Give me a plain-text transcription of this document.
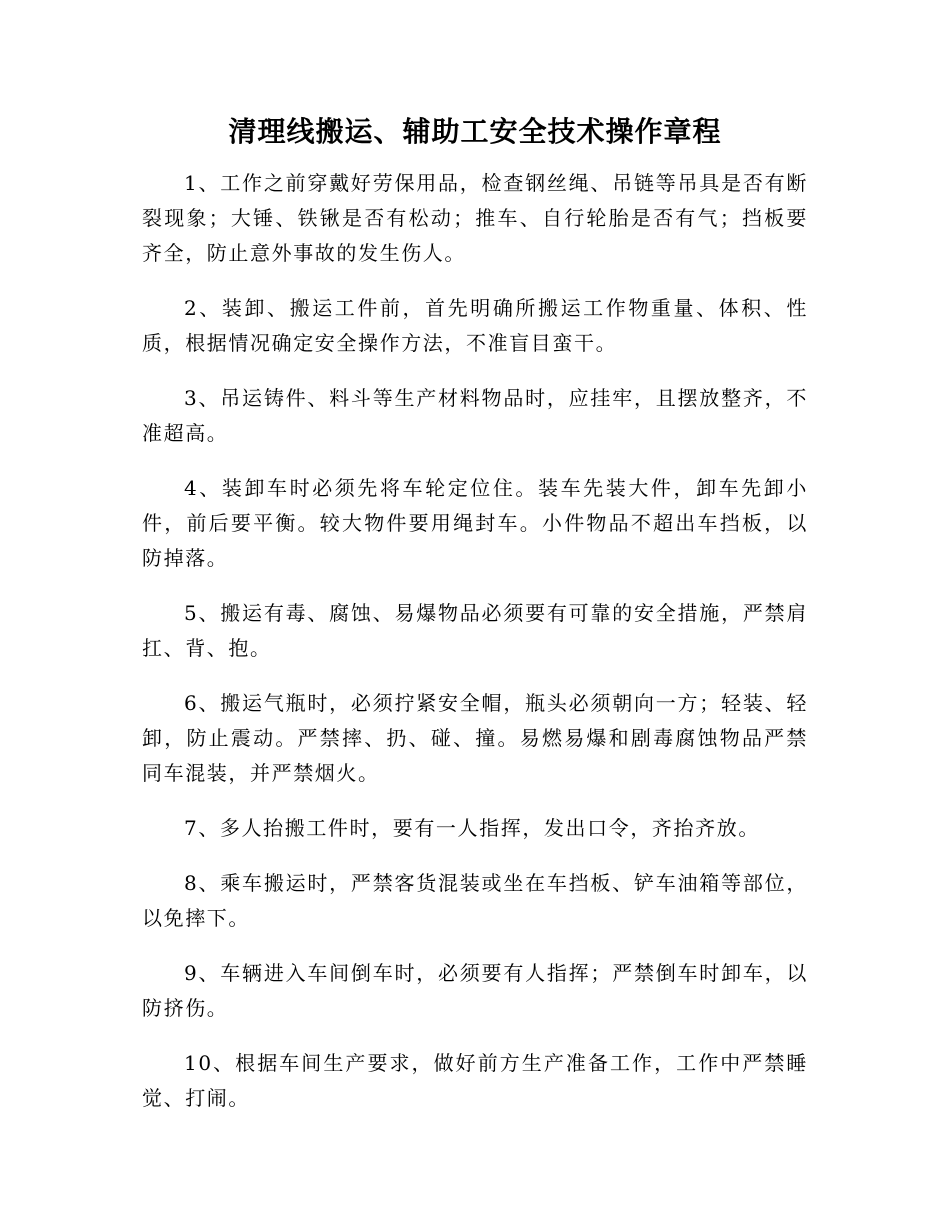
清理线搬运、辅助工安全技术操作章程
1、工作之前穿戴好劳保用品，检查钢丝绳、吊链等吊具是否有断裂现象；大锤、铁锹是否有松动；推车、自行轮胎是否有气；挡板要齐全，防止意外事故的发生伤人。
2、装卸、搬运工件前，首先明确所搬运工作物重量、体积、性质，根据情况确定安全操作方法，不准盲目蛮干。
3、吊运铸件、料斗等生产材料物品时，应挂牢，且摆放整齐，不准超高。
4、装卸车时必须先将车轮定位住。装车先装大件，卸车先卸小件，前后要平衡。较大物件要用绳封车。小件物品不超出车挡板，以防掉落。
5、搬运有毒、腐蚀、易爆物品必须要有可靠的安全措施，严禁肩扛、背、抱。
6、搬运气瓶时，必须拧紧安全帽，瓶头必须朝向一方；轻装、轻卸，防止震动。严禁摔、扔、碰、撞。易燃易爆和剧毒腐蚀物品严禁同车混装，并严禁烟火。
7、多人抬搬工件时，要有一人指挥，发出口令，齐抬齐放。
8、乘车搬运时，严禁客货混装或坐在车挡板、铲车油箱等部位，以免摔下。
9、车辆进入车间倒车时，必须要有人指挥；严禁倒车时卸车，以防挤伤。
10、根据车间生产要求，做好前方生产准备工作，工作中严禁睡觉、打闹。
